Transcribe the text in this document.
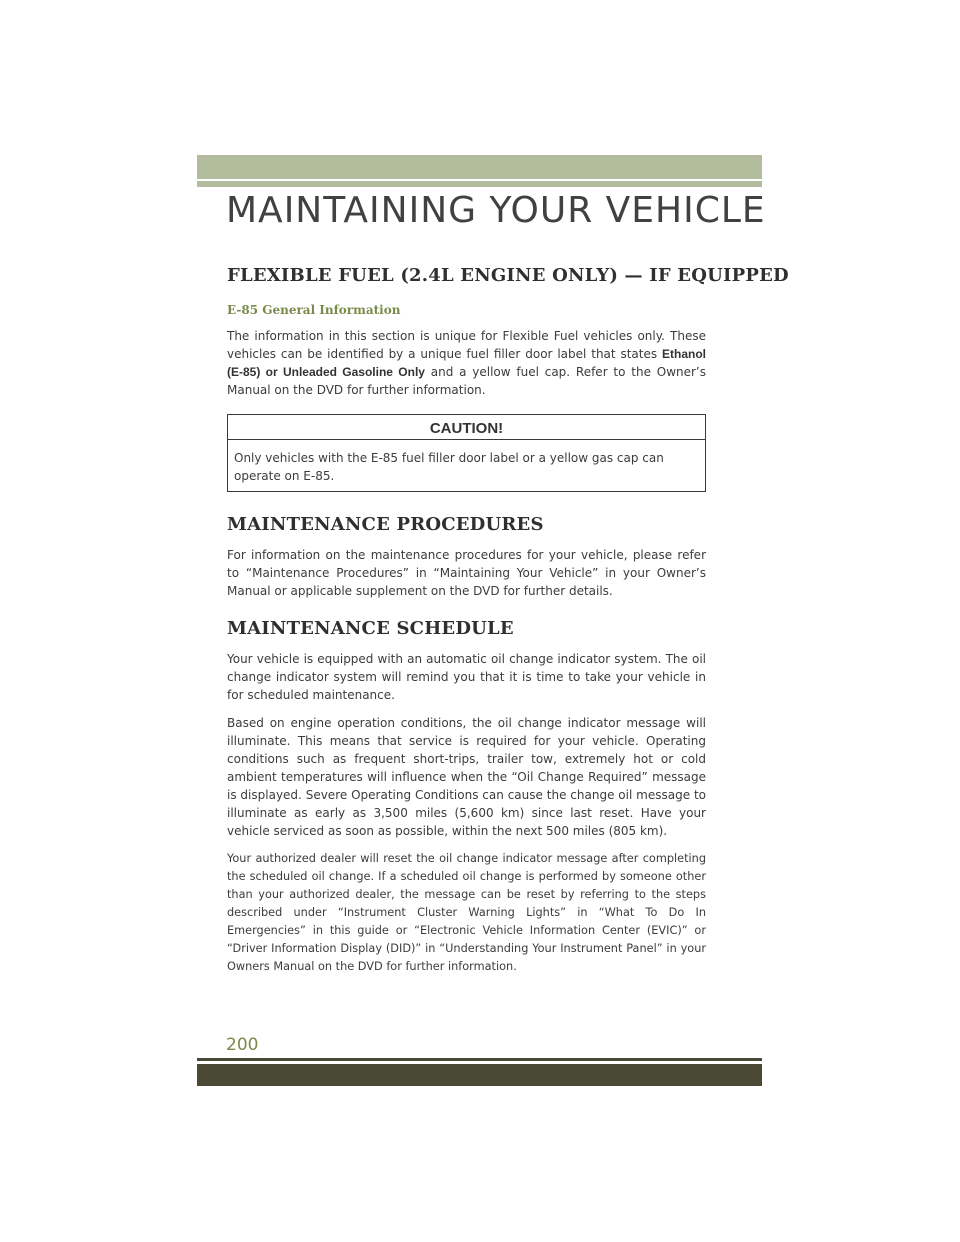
MAINTAINING YOUR VEHICLE
FLEXIBLE FUEL (2.4L ENGINE ONLY) — IF EQUIPPED
E-85 General Information

The information in this section is unique for Flexible Fuel vehicles only. These vehicles can be identified by a unique fuel filler door label that states Ethanol (E-85) or Unleaded Gasoline Only and a yellow fuel cap. Refer to the Owner’s Manual on the DVD for further information.

CAUTION!
Only vehicles with the E-85 fuel filler door label or a yellow gas cap can operate on E-85.
MAINTENANCE PROCEDURES

For information on the maintenance procedures for your vehicle, please refer to “Maintenance Procedures” in “Maintaining Your Vehicle” in your Owner’s Manual or applicable supplement on the DVD for further details.

MAINTENANCE SCHEDULE

Your vehicle is equipped with an automatic oil change indicator system. The oil change indicator system will remind you that it is time to take your vehicle in for scheduled maintenance.

Based on engine operation conditions, the oil change indicator message will illuminate. This means that service is required for your vehicle. Operating conditions such as frequent short-trips, trailer tow, extremely hot or cold ambient temperatures will influence when the “Oil Change Required” message is displayed. Severe Operating Conditions can cause the change oil message to illuminate as early as 3,500 miles (5,600 km) since last reset. Have your vehicle serviced as soon as possible, within the next 500 miles (805 km).

Your authorized dealer will reset the oil change indicator message after completing the scheduled oil change. If a scheduled oil change is performed by someone other than your authorized dealer, the message can be reset by referring to the steps described under “Instrument Cluster Warning Lights” in “What To Do In Emergencies” in this guide or “Electronic Vehicle Information Center (EVIC)” or “Driver Information Display (DID)” in “Understanding Your Instrument Panel” in your Owners Manual on the DVD for further information.

200
